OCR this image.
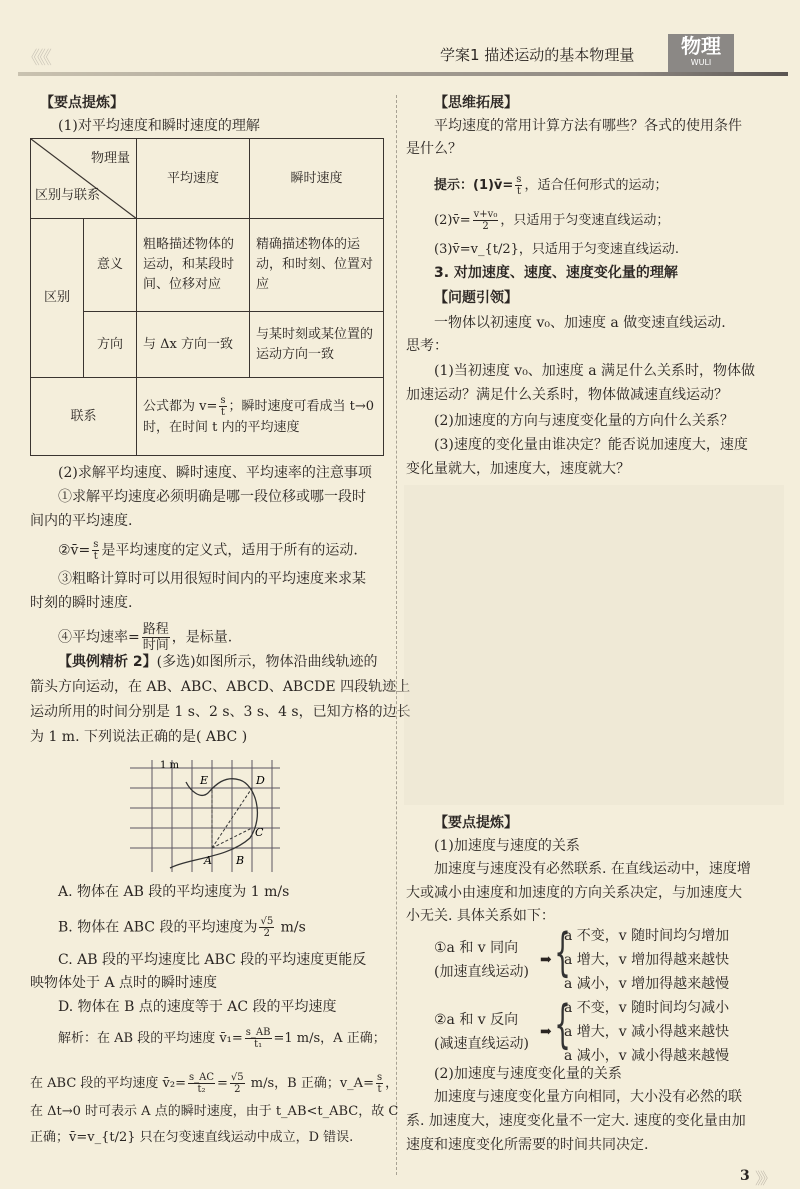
《《《	学案1 描述运动的基本物理量	物理
WULI
【要点提炼】
(1)对平均速度和瞬时速度的理解
物理量
区别与联系		平均速度	瞬时速度
区别	意义	粗略描述物体的运动，和某段时间、位移对应	精确描述物体的运动，和时刻、位置对应
	方向	与 Δx 方向一致	与某时刻或某位置的运动方向一致
联系		公式都为 $v= \frac{s}{t}$ ；瞬时速度可看成当 t→0
时，在时间 t 内的平均速度	
(2)求解平均速度、瞬时速度、平均速率的注意事项
①求解平均速度必须明确是哪一段位移或哪一段时
间内的平均速度.
②v̄= $\frac{s}{t}$ 是平均速度的定义式，适用于所有的运动.
③粗略计算时可以用很短时间内的平均速度来求某
时刻的瞬时速度.
④平均速率= $\frac{\text{路程}}{\text{时间}}$ ，是标量.
【典例精析 2】(多选)如图所示，物体沿曲线轨迹的
箭头方向运动，在 AB、ABC、ABCD、ABCDE 四段轨迹上
运动所用的时间分别是 1 s、2 s、3 s、4 s，已知方格的边长
为 1 m. 下列说法正确的是( ABC )
1 m
A B
C
D
E
A. 物体在 AB 段的平均速度为 1 m/s
B. 物体在 ABC 段的平均速度为 $\frac{√5}{2} m/s$
C. AB 段的平均速度比 ABC 段的平均速度更能反
映物体处于 A 点时的瞬时速度
D. 物体在 B 点的速度等于 AC 段的平均速度
解析：在 AB 段的平均速度 v̄₁= $\frac{s\_AB}{\text{t₁}} =1$ m/s，A 正确；
在 ABC 段的平均速度 v̄₂= $\frac{s\_AC}{\text{t₂}} = \frac{√5}{2} m/s$，B 正确；v_A= $\frac{s}{t}$ ，
在 Δt→0 时可表示 A 点的瞬时速度，由于 t_AB<t_ABC，故 C
正确；v̄=v_{t/2} 只在匀变速直线运动中成立，D 错误.
【思维拓展】
平均速度的常用计算方法有哪些？各式的使用条件
是什么？
提示：(1)v̄= $\frac{s}{t}$ ，适合任何形式的运动；
(2)v̄= $\frac{\text{v+v₀}}{2}$ ，只适用于匀变速直线运动；
(3)v̄=v_{t/2}，只适用于匀变速直线运动.
3. 对加速度、速度、速度变化量的理解
【问题引领】
一物体以初速度 v₀、加速度 a 做变速直线运动.
思考：
(1)当初速度 v₀、加速度 a 满足什么关系时，物体做
加速运动？满足什么关系时，物体做减速直线运动？
(2)加速度的方向与速度变化量的方向什么关系？
(3)速度的变化量由谁决定？能否说加速度大，速度
变化量就大，加速度大，速度就大？
【要点提炼】
(1)加速度与速度的关系
加速度与速度没有必然联系. 在直线运动中，速度增
大或减小由速度和加速度的方向关系决定，与加速度大
小无关. 具体关系如下：
①a 和 v 同向
(加速直线运动)
➡ {
a 不变，v 随时间均匀增加
a 增大，v 增加得越来越快
a 减小，v 增加得越来越慢
②a 和 v 反向
(减速直线运动)
➡ {
a 不变，v 随时间均匀减小
a 增大，v 减小得越来越快
a 减小，v 减小得越来越慢
(2)加速度与速度变化量的关系
加速度与速度变化量方向相同，大小没有必然的联
系. 加速度大，速度变化量不一定大. 速度的变化量由加
速度和速度变化所需要的时间共同决定.
3 》》
